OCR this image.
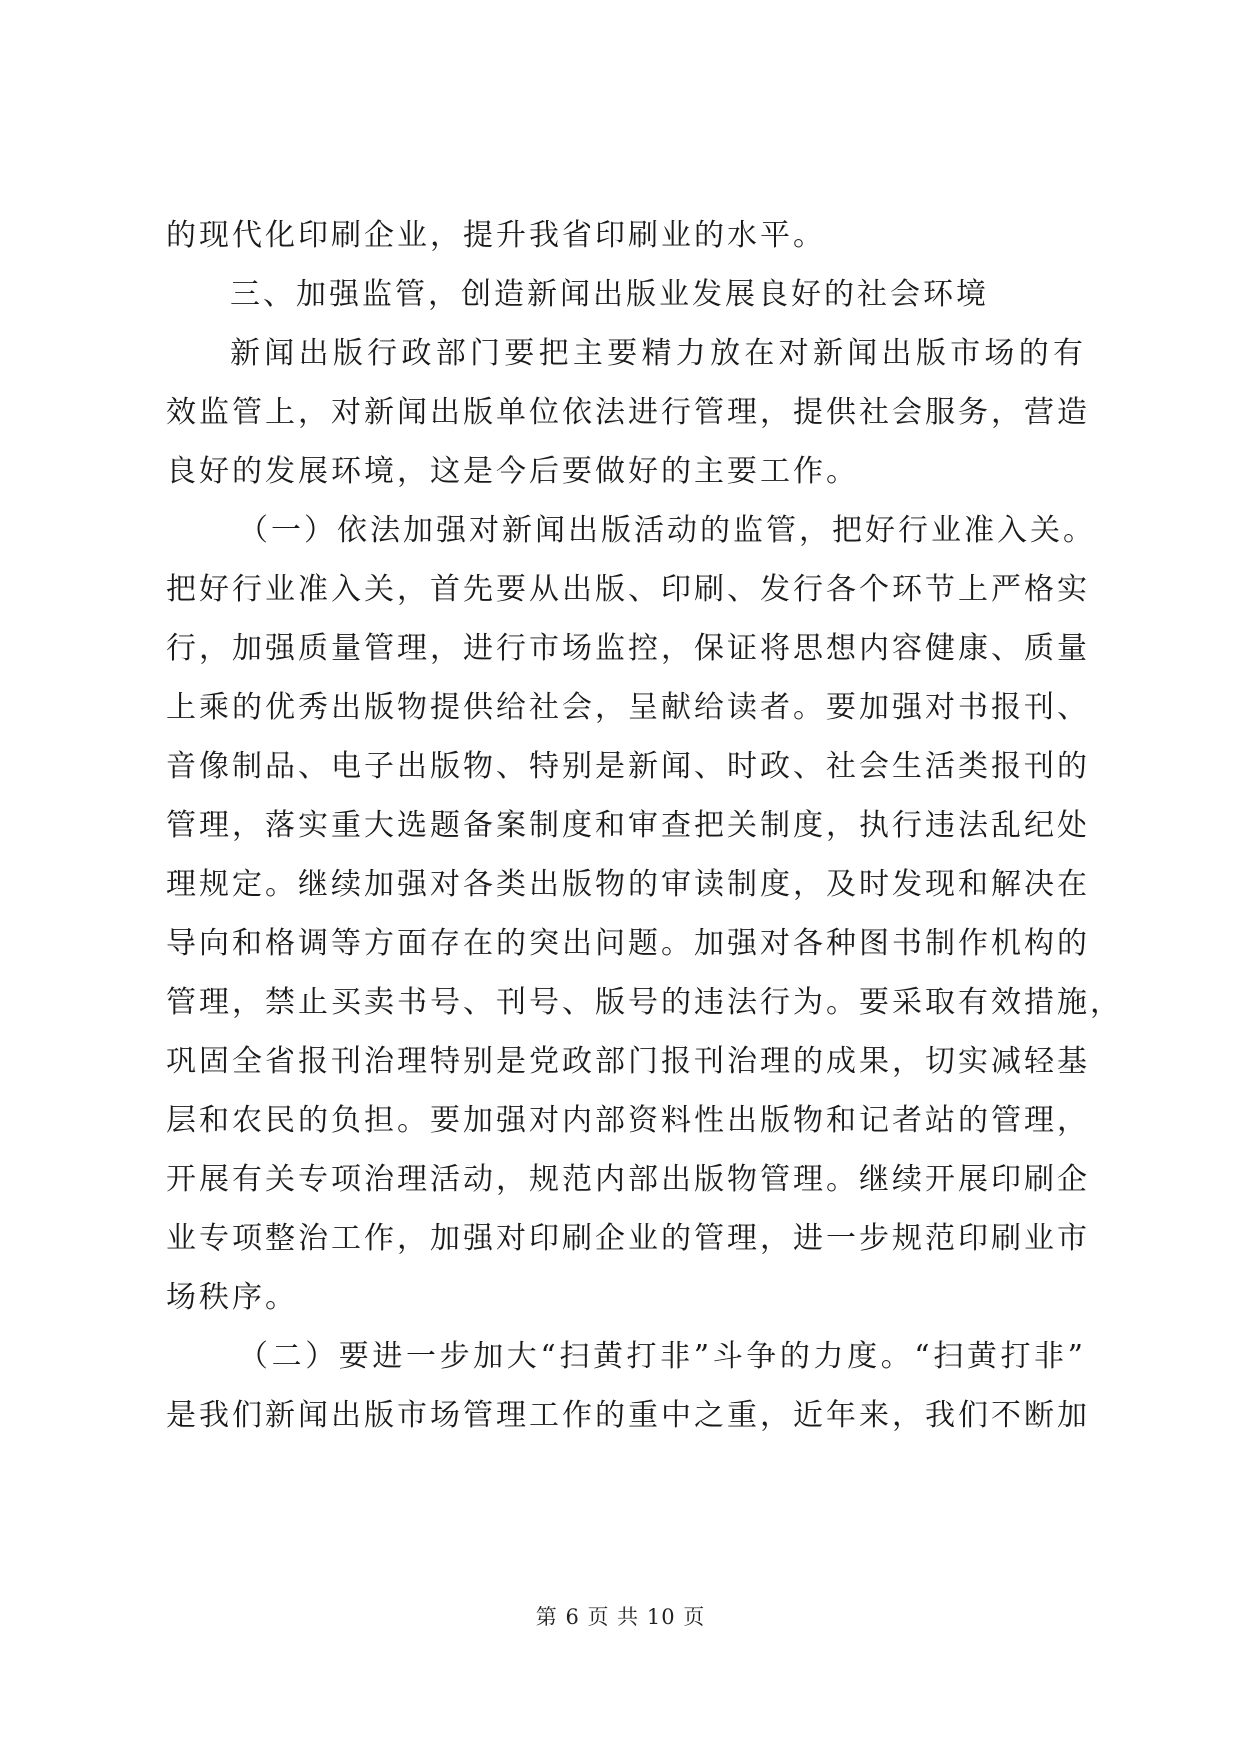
的现代化印刷企业，提升我省印刷业的水平。
三、加强监管，创造新闻出版业发展良好的社会环境
新闻出版行政部门要把主要精力放在对新闻出版市场的有
效监管上，对新闻出版单位依法进行管理，提供社会服务，营造
良好的发展环境，这是今后要做好的主要工作。
（一）依法加强对新闻出版活动的监管，把好行业准入关。
把好行业准入关，首先要从出版、印刷、发行各个环节上严格实
行，加强质量管理，进行市场监控，保证将思想内容健康、质量
上乘的优秀出版物提供给社会，呈献给读者。要加强对书报刊、
音像制品、电子出版物、特别是新闻、时政、社会生活类报刊的
管理，落实重大选题备案制度和审查把关制度，执行违法乱纪处
理规定。继续加强对各类出版物的审读制度，及时发现和解决在
导向和格调等方面存在的突出问题。加强对各种图书制作机构的
管理，禁止买卖书号、刊号、版号的违法行为。要采取有效措施，
巩固全省报刊治理特别是党政部门报刊治理的成果，切实减轻基
层和农民的负担。要加强对内部资料性出版物和记者站的管理，
开展有关专项治理活动，规范内部出版物管理。继续开展印刷企
业专项整治工作，加强对印刷企业的管理，进一步规范印刷业市
场秩序。
（二）要进一步加大“扫黄打非”斗争的力度。“扫黄打非”
是我们新闻出版市场管理工作的重中之重，近年来，我们不断加
第 6 页 共 10 页
